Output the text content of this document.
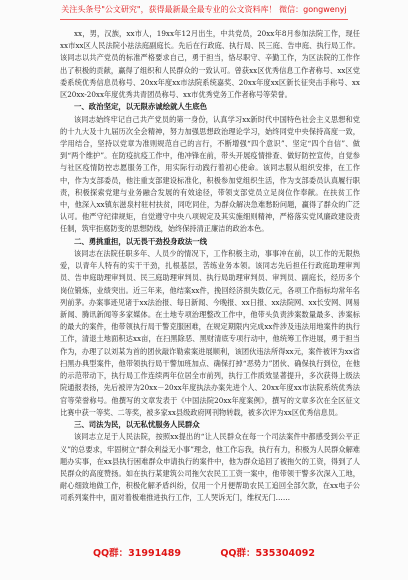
关注头条号"公文研究"，获得最新最全最专业的公文资料库！ 微信：gongwenyj

xx，男，汉族，xx市人，19xx年12月出生，中共党员，20xx年8月参加法院工作，现任xx市xx区人民法院小祛法庭副庭长。先后在行政庭、执行局、民三庭、告申庭、执行局工作。该同志以共产党员的标准严格要求自己，勇于担当，恪尽职守、辛勤工作，为区法院的工作作出了积极的贡献，赢得了组织和人民群众的一致认可。曾获xx区优秀信息工作者称号、xx区党委系统优秀信息员称号、20xx年度xx市法院系统嘉奖、20xx年度xx区新长征突击手称号、xx区20xx-20xx年度优秀共青团员称号、xx市优秀党务工作者称号等荣誉。

一、政治坚定，以无限赤诚绘就人生底色

该同志始终牢记自己共产党员的第一身份，认真学习xx新时代中国特色社会主义思想和党的十九大及十九届历次全会精神，努力加强思想政治理论学习，始终同党中央保持高度一致，学用结合，坚持以党章为准则规范自己的言行，不断增强“四个意识”、坚定“四个自信”、做到“两个维护”。在防疫抗疫工作中，他冲锋在前，带头开展疫情排查、做好防控宣传，自觉参与社区疫情防控志愿服务工作，用实际行动践行着初心使命。该同志服从组织安排，在工作中，作为支部委员，他注重支部建设标准化，积极参加党组织生活，作为支部委员认真履行职责，积极探索党建与业务融合发展的有效途径，带领支部党员立足岗位作奉献。在扶贫工作中，他深入xx镇东滋泉村驻村扶贫，同吃同住，为群众解决急难愁盼问题，赢得了群众的广泛认可。他严守纪律规矩，自觉遵守中央八项规定及其实施细则精神，严格落实党风廉政建设责任制，筑牢拒腐防变的思想防线，始终保持清正廉洁的政治本色。

二、勇挑重担，以无畏干劲投身政法一线

该同志在法院任职多年、人员少的情况下，工作积极主动，事事冲在前，以工作的无限热爱，以青年人特有的实干干劲，扎根基层，苦练业务本领。该同志先后担任行政庭助理审判员、告申庭助理审判员、民三庭助理审判员、执行局助理审判员、审判员、副庭长，经历多个岗位锻炼，业绩突出。近三年来，他结案xx件，挽回经济损失数亿元，各项工作指标均常年名列前茅。办案事迹见诸于xx法治报、每日新闻、今晚报、xx日报、xx法院网、xx长安网、网易新闻、腾讯新闻等多家媒体。在土地专项治理整改工作中，他带头负责涉案数量最多、涉案标的最大的案件，他带领执行局干警克服困难，在规定期限内完成xx件涉及违法用地案件的执行工作，清退土地面积达xx亩，在扫黑除恶、黑财清底专项行动中，他统筹工作进展，勇于担当作为，办理了以刘某为首的团伙敲诈勒索案进展顺利，该团伙违法所得xx元，案件被评为xx省扫黑办典型案件，他带领执行局干警加班加点、确保打掉“恶势力”团伙、确保执行到位，在他的示范带动下，执行局工作连续两年位居全市前列，执行工作质效显著提升，多次获得上级法院通报表扬，先后被评为20xx－20xx年度执法办案先进个人、20xx年度xx市法院系统优秀法官等荣誉称号。他撰写的文章发表于《中国法院20xx年度案例》，撰写的文章多次在全区征文比赛中获一等奖、二等奖，被多家xx县级政府网刊物转载，被多次评为xx区优秀信息员。

三、司法为民，以无私忧服务人民群众

该同志立足于人民法院，按照xx提出的“让人民群众在每一个司法案件中都感受到公平正义”的总要求，牢固树立“群众利益无小事”理念，他工作忘我，执行有力，积极为人民群众解难题办实事，在xx县执行困难群众申请执行的案件中，他为群众追回了被拖欠的工资，得到了人民群众的高度赞扬。如在执行某建筑公司拖欠农民工工资一案中，他带领干警多次深入工地，耐心细致地做工作，积极化解矛盾纠纷，仅用一个月便帮助农民工追回全部欠款，在xx电子公司系列案件中，面对着极难推进执行工作，工人哭诉无门，维权无门……

QQ群：31991489	QQ群：535304092
